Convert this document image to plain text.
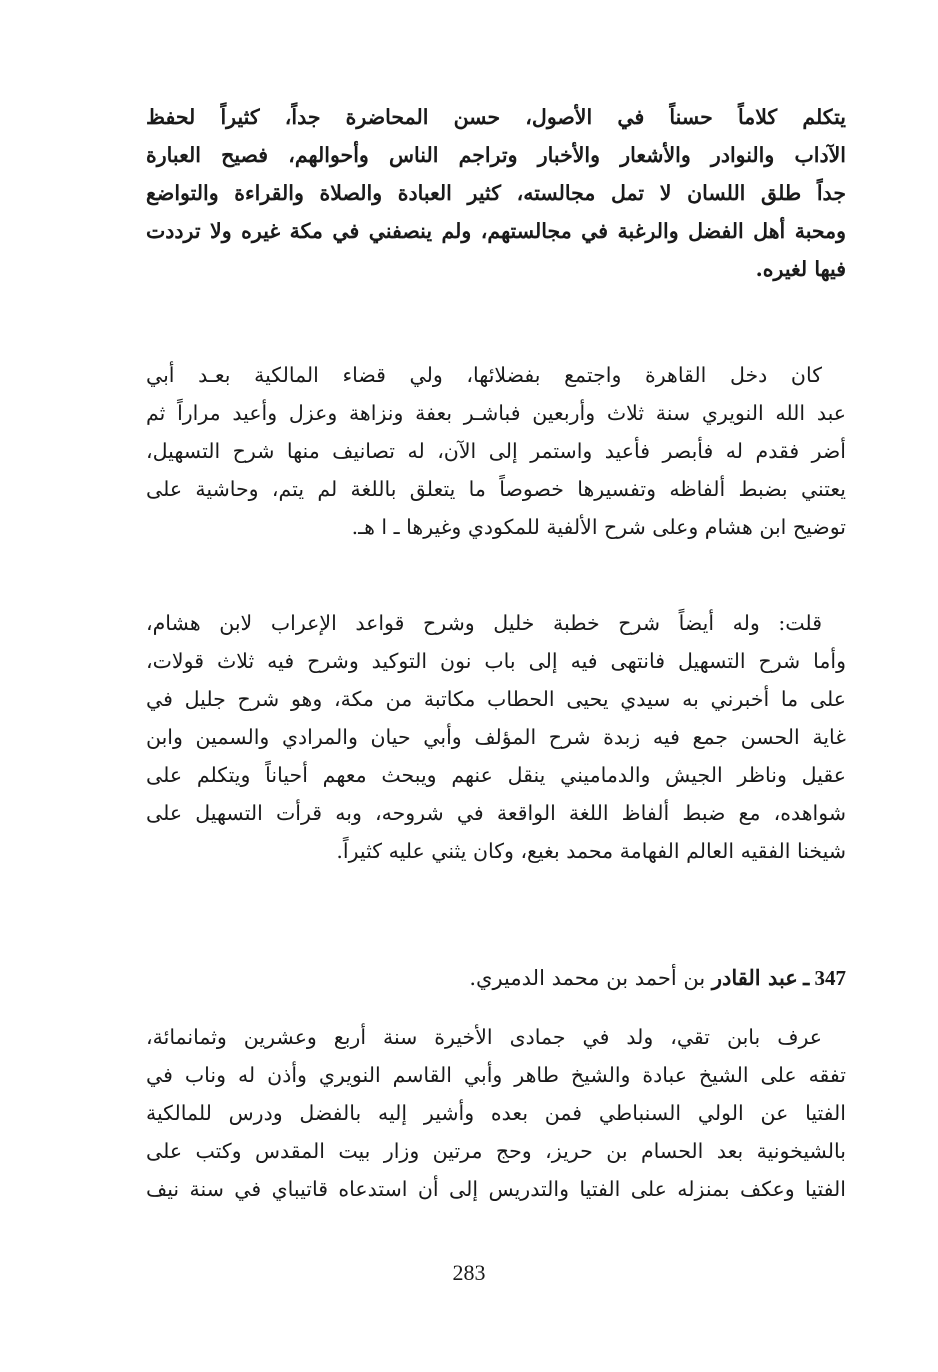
يتكلم كلاماً حسناً في الأصول، حسن المحاضرة جداً، كثيراً لحفظ
الآداب والنوادر والأشعار والأخبار وتراجم الناس وأحوالهم، فصيح العبارة
جداً طلق اللسان لا تمل مجالسته، كثير العبادة والصلاة والقراءة والتواضع
ومحبة أهل الفضل والرغبة في مجالستهم، ولم ينصفني في مكة غيره ولا ترددت
فيها لغيره.
كان دخل القاهرة واجتمع بفضلائها، ولي قضاء المالكية بعـد أبي
عبد الله النويري سنة ثلاث وأربعين فباشـر بعفة ونزاهة وعزل وأعيد مراراً ثم
أضر فقدم له فأبصر فأعيد واستمر إلى الآن، له تصانيف منها شرح التسهيل،
يعتني بضبط ألفاظه وتفسيرها خصوصاً ما يتعلق باللغة لم يتم، وحاشية على
توضيح ابن هشام وعلى شرح الألفية للمكودي وغيرها ـ ا هـ.
قلت: وله أيضاً شرح خطبة خليل وشرح قواعد الإعراب لابن هشام،
وأما شرح التسهيل فانتهى فيه إلى باب نون التوكيد وشرح فيه ثلاث قولات،
على ما أخبرني به سيدي يحيى الحطاب مكاتبة من مكة، وهو شرح جليل في
غاية الحسن جمع فيه زبدة شرح المؤلف وأبي حيان والمرادي والسمين وابن
عقيل وناظر الجيش والدماميني ينقل عنهم ويبحث معهم أحياناً ويتكلم على
شواهده، مع ضبط ألفاظ اللغة الواقعة في شروحه، وبه قرأت التسهيل على
شيخنا الفقيه العالم الفهامة محمد بغيع، وكان يثني عليه كثيراً.
347 ـ عبد القادر بن أحمد بن محمد الدميري.
عرف بابن تقي، ولد في جمادى الأخيرة سنة أربع وعشرين وثمانمائة،
تفقه على الشيخ عبادة والشيخ طاهر وأبي القاسم النويري وأذن له وناب في
الفتيا عن الولي السنباطي فمن بعده وأشير إليه بالفضل ودرس للمالكية
بالشيخونية بعد الحسام بن حريز، وحج مرتين وزار بيت المقدس وكتب على
الفتيا وعكف بمنزله على الفتيا والتدريس إلى أن استدعاه قاتيباي في سنة نيف
283
